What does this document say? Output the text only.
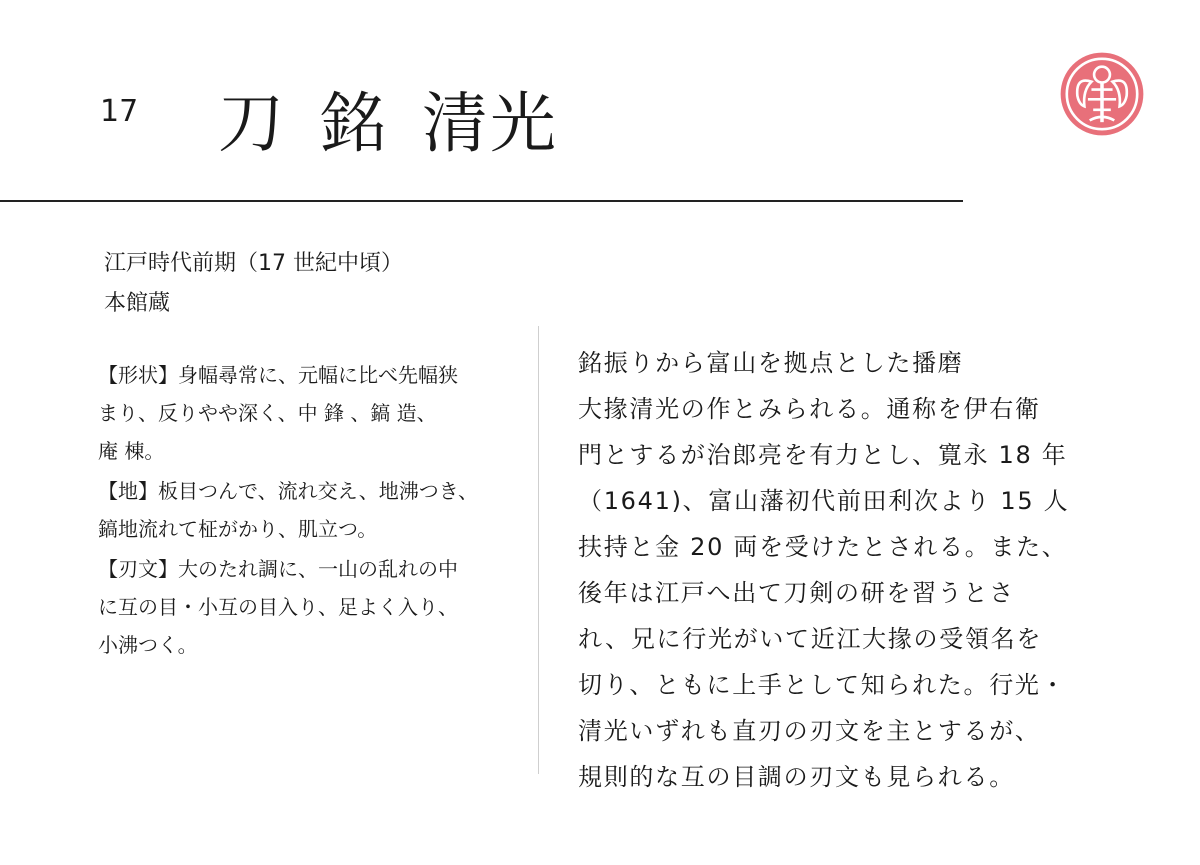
17 刀 銘 清光
江戸時代前期（17 世紀中頃）
本館蔵

【形状】身幅尋常に、元幅に比べ先幅狭
まり、反りやや深く、中 鋒 、鎬 造、
庵 棟。

【地】板目つんで、流れ交え、地沸つき、
鎬地流れて柾がかり、肌立つ。

【刃文】大のたれ調に、一山の乱れの中
に互の目・小互の目入り、足よく入り、
小沸つく。

銘振りから富山を拠点とした播磨
大掾清光の作とみられる。通称を伊右衛
門とするが治郎亮を有力とし、寛永 18 年
（1641)、富山藩初代前田利次より 15 人
扶持と金 20 両を受けたとされる。また、
後年は江戸へ出て刀剣の研を習うとさ
れ、兄に行光がいて近江大掾の受領名を
切り、ともに上手として知られた。行光・
清光いずれも直刃の刃文を主とするが、
規則的な互の目調の刃文も見られる。
